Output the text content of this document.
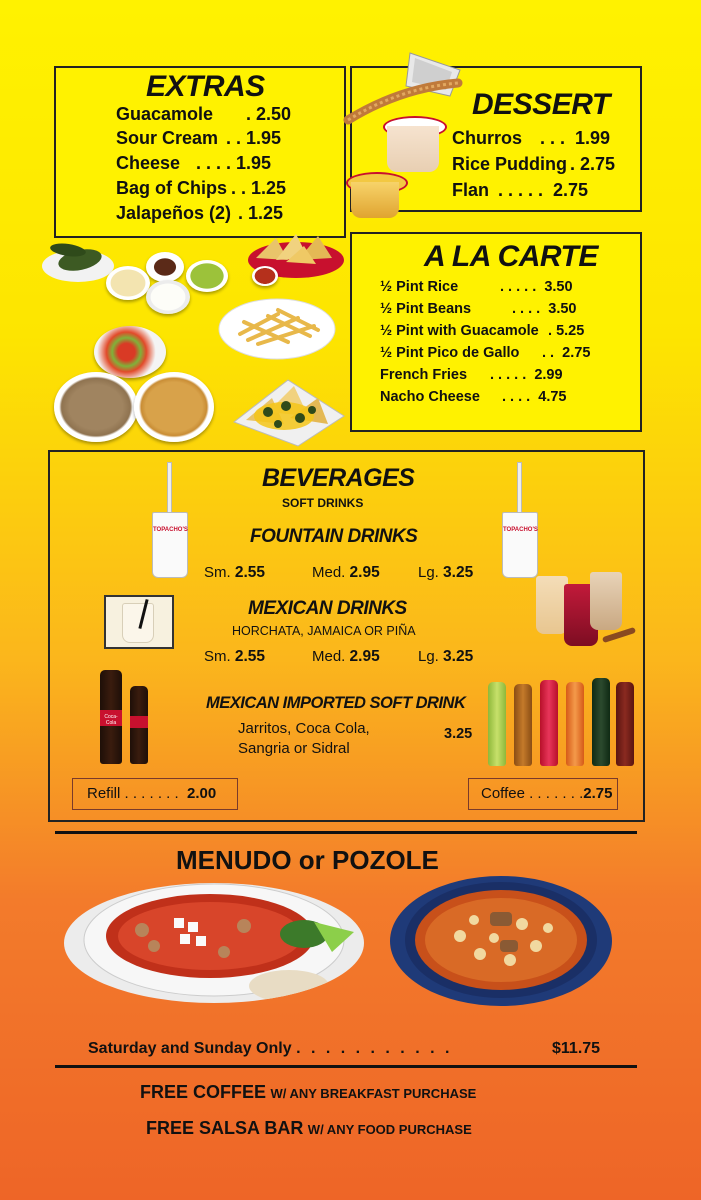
EXTRAS
Guacamole . 2.50
Sour Cream . . 1.95
Cheese . . . . 1.95
Bag of Chips . . 1.25
Jalapeños (2) . 1.25
DESSERT
Churros . . . 1.99
Rice Pudding . 2.75
Flan . . . . . 2.75
A LA CARTE
½ Pint Rice	. . . . . 3.50
½ Pint Beans	. . . . 3.50
½ Pint with Guacamole . 5.25
½ Pint Pico de Gallo . . 2.75
French Fries . . . . . 2.99
Nacho Cheese . . . . 4.75
BEVERAGES
SOFT DRINKS
FOUNTAIN DRINKS
Sm. 2.55	Med. 2.95	Lg. 3.25
MEXICAN DRINKS
HORCHATA, JAMAICA OR PIÑA
Sm. 2.55	Med. 2.95	Lg. 3.25
MEXICAN IMPORTED SOFT DRINK
Jarritos, Coca Cola,
Sangria or Sidral
3.25
Refill . . . . . . . 2.00	Coffee . . . . . . .2.75
TOPACHO'S	TOPACHO'S
Coca-Cola
MENUDO or POZOLE
Saturday and Sunday Only . . . . . . . . . . .	$11.75
FREE COFFEE W/ ANY BREAKFAST PURCHASE
FREE SALSA BAR W/ ANY FOOD PURCHASE
